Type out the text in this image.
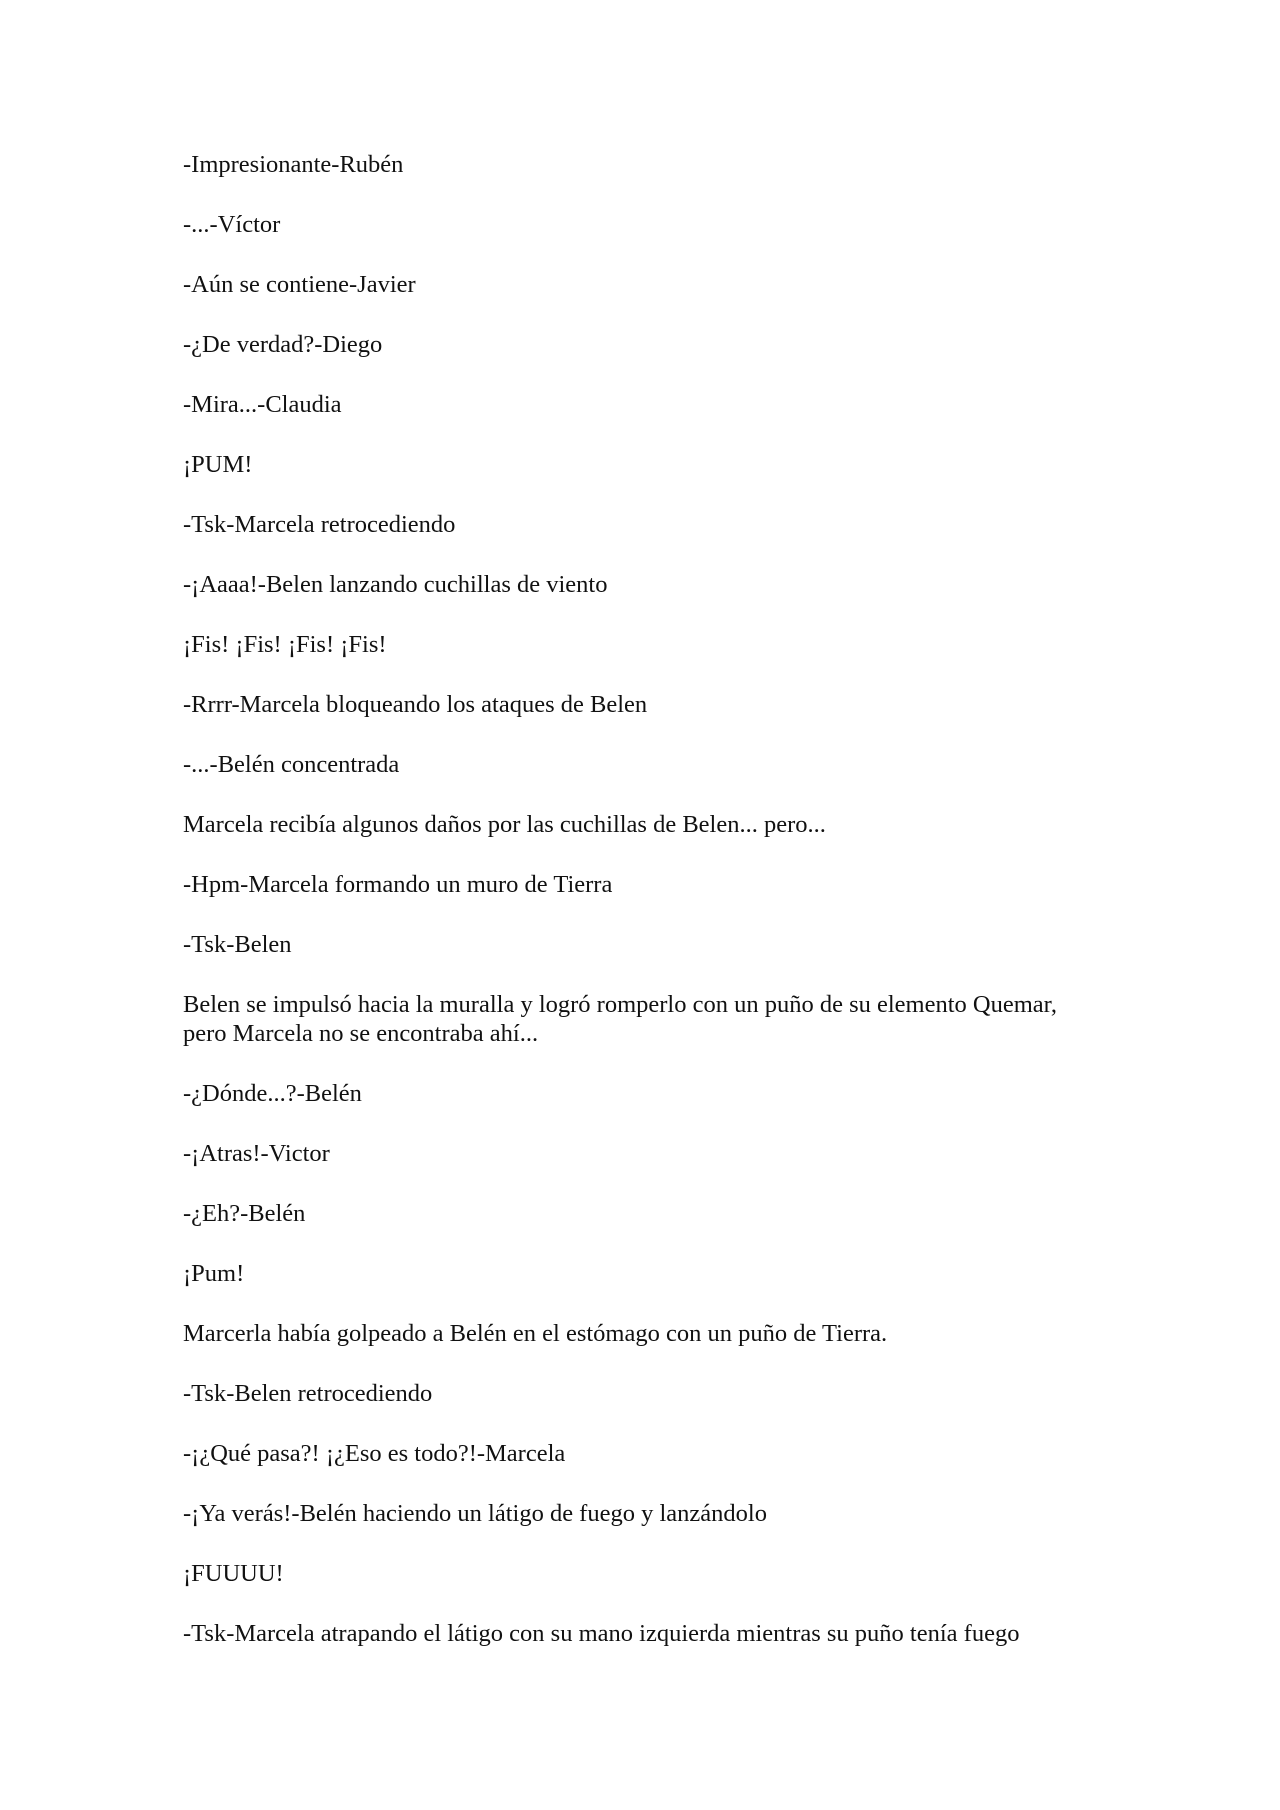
-Impresionante-Rubén

-...-Víctor

-Aún se contiene-Javier

-¿De verdad?-Diego

-Mira...-Claudia

¡PUM!

-Tsk-Marcela retrocediendo

-¡Aaaa!-Belen lanzando cuchillas de viento

¡Fis! ¡Fis! ¡Fis! ¡Fis!

-Rrrr-Marcela bloqueando los ataques de Belen

-...-Belén concentrada

Marcela recibía algunos daños por las cuchillas de Belen... pero...

-Hpm-Marcela formando un muro de Tierra

-Tsk-Belen

Belen se impulsó hacia la muralla y logró romperlo con un puño de su elemento Quemar, pero Marcela no se encontraba ahí...

-¿Dónde...?-Belén

-¡Atras!-Victor

-¿Eh?-Belén

¡Pum!

Marcerla había golpeado a Belén en el estómago con un puño de Tierra.

-Tsk-Belen retrocediendo

-¡¿Qué pasa?! ¡¿Eso es todo?!-Marcela

-¡Ya verás!-Belén haciendo un látigo de fuego y lanzándolo

¡FUUUU!

-Tsk-Marcela atrapando el látigo con su mano izquierda mientras su puño tenía fuego
